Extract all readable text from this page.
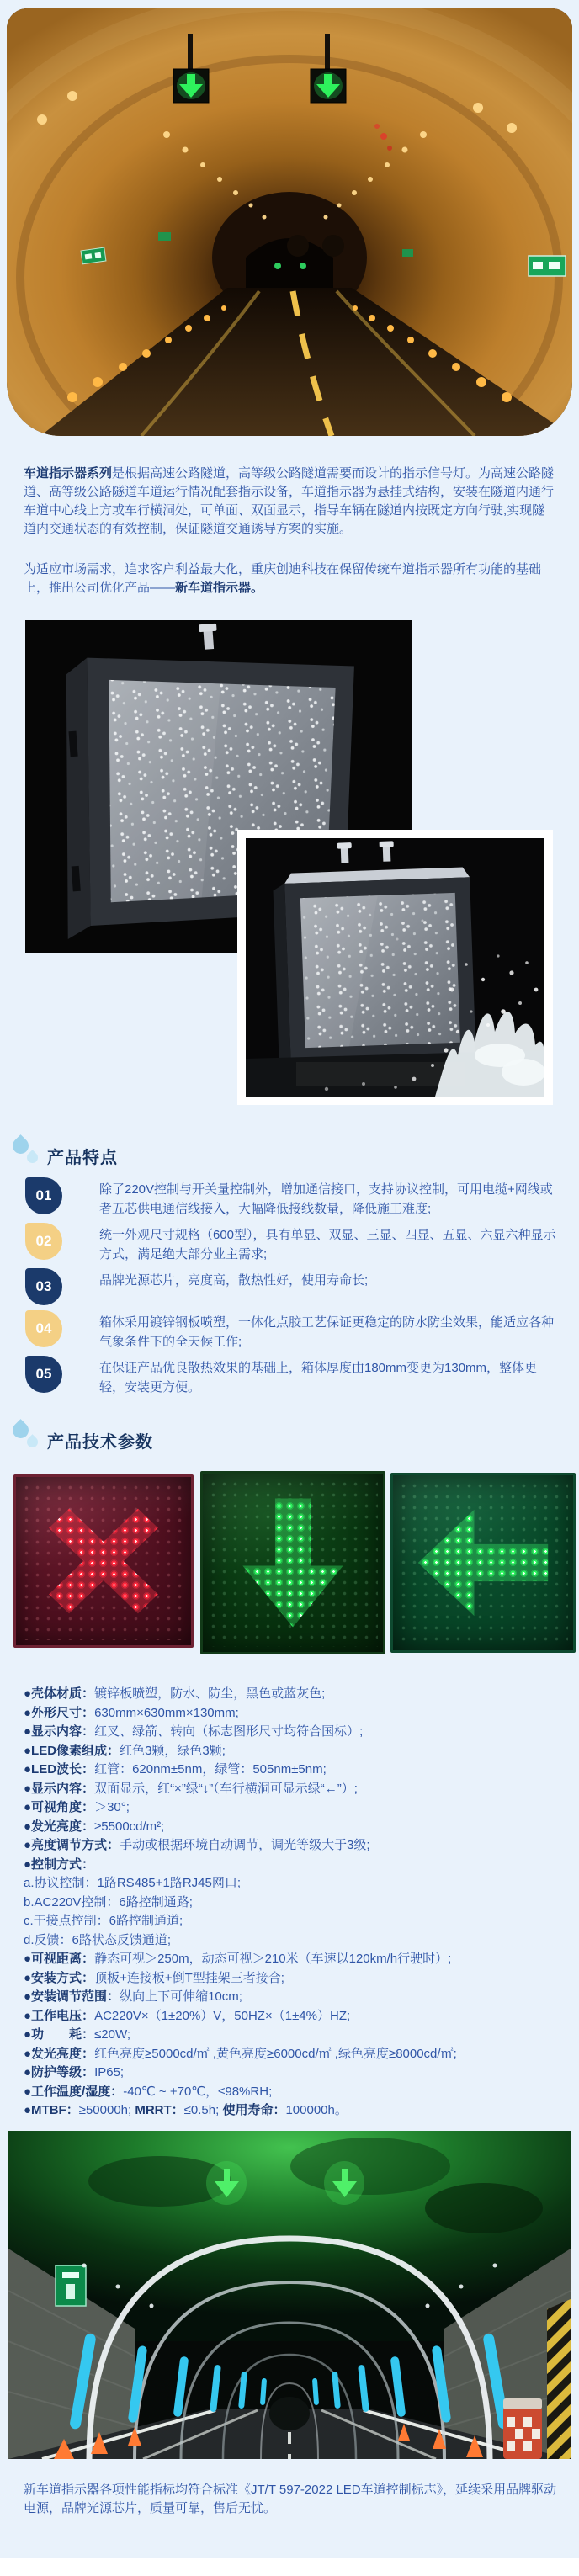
车道指示器系列是根据高速公路隧道，高等级公路隧道需要而设计的指示信号灯。为高速公路隧道、高等级公路隧道车道运行情况配套指示设备，车道指示器为悬挂式结构，安装在隧道内通行车道中心线上方或车行横洞处，可单面、双面显示，指导车辆在隧道内按既定方向行驶,实现隧道内交通状态的有效控制，保证隧道交通诱导方案的实施。

为适应市场需求，追求客户利益最大化，重庆创迪科技在保留传统车道指示器所有功能的基础上，推出公司优化产品——新车道指示器。

产品特点
01	除了220V控制与开关量控制外，增加通信接口，支持协议控制，可用电缆+网线或者五芯供电通信线接入，大幅降低接线数量，降低施工难度;

02	统一外观尺寸规格（600型），具有单显、双显、三显、四显、五显、六显六种显示方式，满足绝大部分业主需求;

03	品牌光源芯片，亮度高，散热性好，使用寿命长;

04	箱体采用镀锌钢板喷塑，一体化点胶工艺保证更稳定的防水防尘效果，能适应各种气象条件下的全天候工作;

05	在保证产品优良散热效果的基础上，箱体厚度由180mm变更为130mm，整体更轻，安装更方便。

产品技术参数
●壳体材质：镀锌板喷塑，防水、防尘，黑色或蓝灰色;
●外形尺寸：630mm×630mm×130mm;
●显示内容：红叉、绿箭、转向（标志图形尺寸均符合国标）;
●LED像素组成：红色3颗，绿色3颗;
●LED波长：红管：620nm±5nm，绿管：505nm±5nm;
●显示内容：双面显示，红“×”绿“↓”（车行横洞可显示绿“←”）;
●可视角度：＞30°;
●发光亮度：≥5500cd/m²;
●亮度调节方式：手动或根据环境自动调节，调光等级大于3级;
●控制方式：
a.协议控制：1路RS485+1路RJ45网口;
b.AC220V控制：6路控制通路;
c.干接点控制：6路控制通道;
d.反馈：6路状态反馈通道;
●可视距离：静态可视＞250m，动态可视＞210米（车速以120km/h行驶时）;
●安装方式：顶板+连接板+倒T型挂架三者接合;
●安装调节范围：纵向上下可伸缩10cm;
●工作电压：AC220V×（1±20%）V，50HZ×（1±4%）HZ;
●功　　耗：≤20W;
●发光亮度：红色亮度≥5000cd/㎡ ,黄色亮度≥6000cd/㎡ ,绿色亮度≥8000cd/㎡;
●防护等级：IP65;
●工作温度/湿度：-40℃ ~ +70℃，≤98%RH;
●MTBF：≥50000h; MRRT：≤0.5h; 使用寿命：100000h。

新车道指示器各项性能指标均符合标准《JT/T 597-2022 LED车道控制标志》，延续采用品牌驱动电源，品牌光源芯片，质量可靠，售后无忧。
